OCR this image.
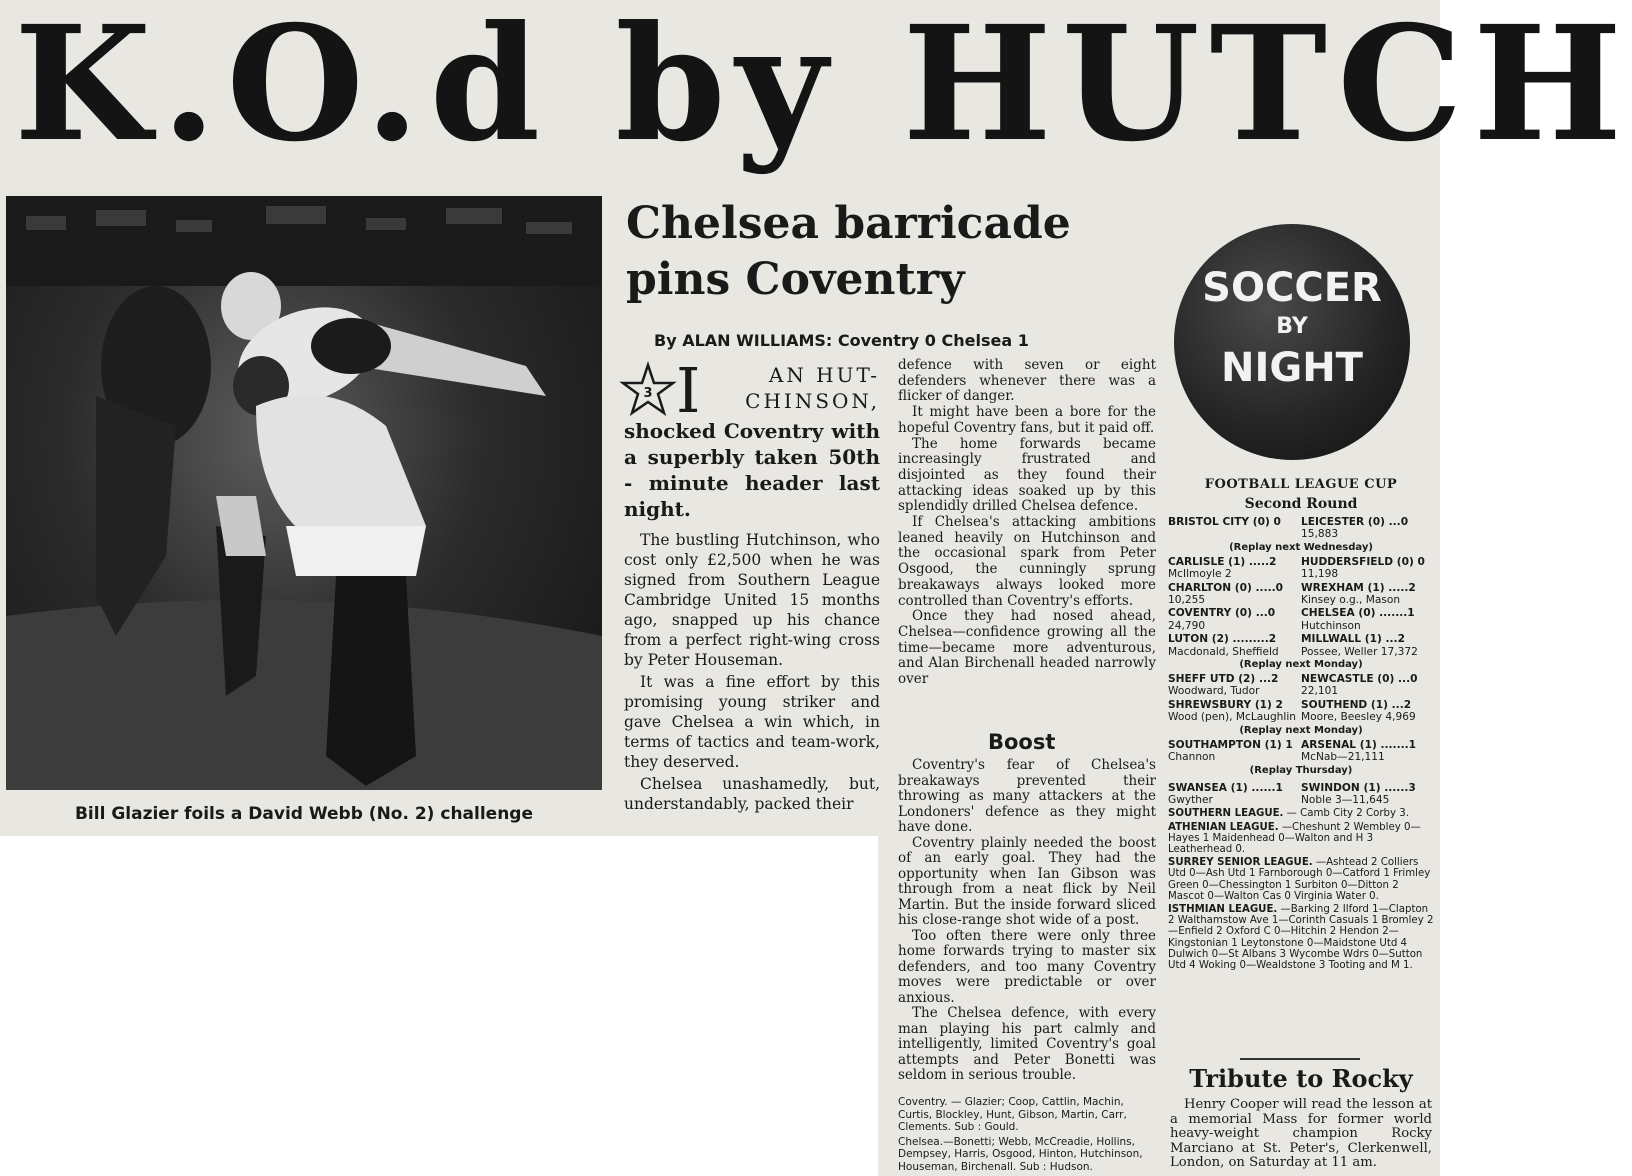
K.O.d by HUTCH
Bill Glazier foils a David Webb (No. 2) challenge
Chelsea barricade
pins Coventry
By ALAN WILLIAMS: Coventry 0 Chelsea 1
3 I	AN HUT- CHINSON,
shocked Coventry with a superbly taken 50th - minute header last night.

The bustling Hutchinson, who cost only £2,500 when he was signed from Southern League Cambridge United 15 months ago, snapped up his chance from a perfect right-wing cross by Peter Houseman.

It was a fine effort by this promising young striker and gave Chelsea a win which, in terms of tactics and team-work, they deserved.

Chelsea unashamedly, but, understandably, packed their

defence with seven or eight defenders whenever there was a flicker of danger.

It might have been a bore for the hopeful Coventry fans, but it paid off.

The home forwards became increasingly frustrated and disjointed as they found their attacking ideas soaked up by this splendidly drilled Chelsea defence.

If Chelsea's attacking ambitions leaned heavily on Hutchinson and the occasional spark from Peter Osgood, the cunningly sprung breakaways always looked more controlled than Coventry's efforts.

Once they had nosed ahead, Chelsea—confidence growing all the time—became more adventurous, and Alan Birchenall headed narrowly over

Boost

Coventry's fear of Chelsea's breakaways prevented their throwing as many attackers at the Londoners' defence as they might have done.

Coventry plainly needed the boost of an early goal. They had the opportunity when Ian Gibson was through from a neat flick by Neil Martin. But the inside forward sliced his close-range shot wide of a post.

Too often there were only three home forwards trying to master six defenders, and too many Coventry moves were predictable or over anxious.

The Chelsea defence, with every man playing his part calmly and intelligently, limited Coventry's goal attempts and Peter Bonetti was seldom in serious trouble.

Coventry. — Glazier; Coop, Cattlin, Machin, Curtis, Blockley, Hunt, Gibson, Martin, Carr, Clements. Sub : Gould.

Chelsea.—Bonetti; Webb, McCreadie, Hollins, Dempsey, Harris, Osgood, Hinton, Hutchinson, Houseman, Birchenall. Sub : Hudson.

SOCCER
BY
NIGHT
FOOTBALL LEAGUE CUP
Second Round
BRISTOL CITY (0) 0	LEICESTER (0) ...0
15,883
(Replay next Wednesday)
CARLISLE (1) .....2
McIlmoyle 2
HUDDERSFIELD (0) 0
11,198
CHARLTON (0) .....0
10,255
WREXHAM (1) .....2
Kinsey o.g., Mason
COVENTRY (0) ...0
24,790
CHELSEA (0) .......1
Hutchinson
LUTON (2) .........2
Macdonald, Sheffield
MILLWALL (1) ...2
Possee, Weller 17,372
(Replay next Monday)
SHEFF UTD (2) ...2
Woodward, Tudor
NEWCASTLE (0) ...0
22,101
SHREWSBURY (1) 2
Wood (pen), McLaughlin
SOUTHEND (1) ...2
Moore, Beesley 4,969
(Replay next Monday)
SOUTHAMPTON (1) 1
Channon
ARSENAL (1) .......1
McNab—21,111
(Replay Thursday)
SWANSEA (1) ......1
Gwyther
SWINDON (1) ......3
Noble 3—11,645
SOUTHERN LEAGUE. — Camb City 2 Corby 3.
ATHENIAN LEAGUE. —Cheshunt 2 Wembley 0—Hayes 1 Maidenhead 0—Walton and H 3 Leatherhead 0.
SURREY SENIOR LEAGUE. —Ashtead 2 Colliers Utd 0—Ash Utd 1 Farnborough 0—Catford 1 Frimley Green 0—Chessington 1 Surbiton 0—Ditton 2 Mascot 0—Walton Cas 0 Virginia Water 0.
ISTHMIAN LEAGUE. —Barking 2 Ilford 1—Clapton 2 Walthamstow Ave 1—Corinth Casuals 1 Bromley 2—Enfield 2 Oxford C 0—Hitchin 2 Hendon 2—Kingstonian 1 Leytonstone 0—Maidstone Utd 4 Dulwich 0—St Albans 3 Wycombe Wdrs 0—Sutton Utd 4 Woking 0—Wealdstone 3 Tooting and M 1.
Tribute to Rocky
Henry Cooper will read the lesson at a memorial Mass for former world heavy-weight champion Rocky Marciano at St. Peter's, Clerkenwell, London, on Saturday at 11 am.
